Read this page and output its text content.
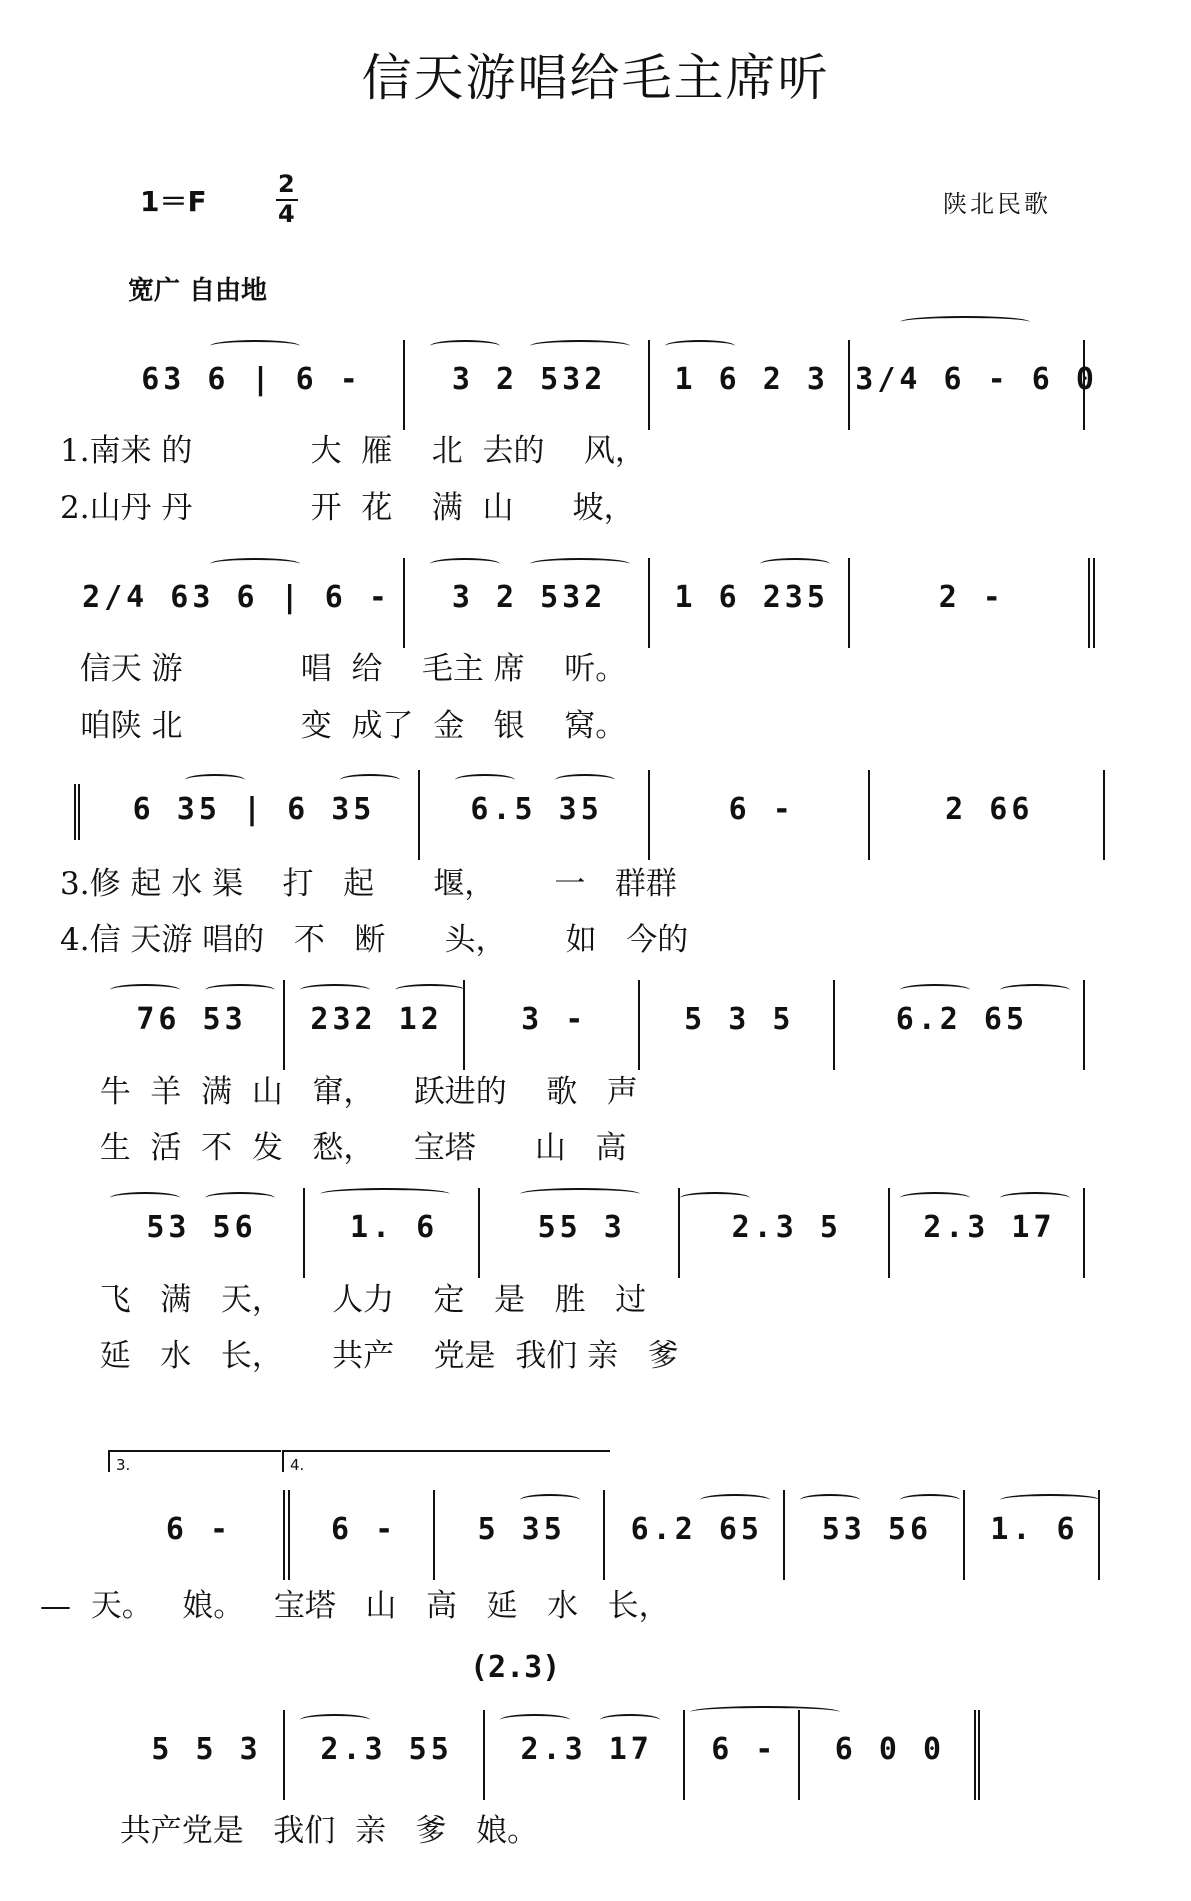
信天游唱给毛主席听
1＝F
2
4	陕北民歌
宽广 自由地
63 6 | 6 -
	3 2 532
	1 6 2 3
3/4 6 - 6 0
1.南来 的            大  雁    北  去的    风，
2.山丹 丹            开  花    满  山      坡，
2/4 63 6 | 6 -
	3 2 532
	1 6 235
	2 -
信天 游            唱  给    毛主 席    听。
咱陕 北            变  成了  金   银    窝。
6 35 | 6 35
	6.5 35
	6 -
	2 66
3.修 起 水 渠    打   起      堰，      一   群群
4.信 天游 唱的   不   断      头，      如   今的
76 53
	232 12
	3 -
	5 3 5
	6.2 65
牛  羊  满  山   窜，    跃进的    歌   声
生  活  不  发   愁，    宝塔      山   高
53 56
	1. 6
	55 3
	2.3 5
	2.3 17
飞   满   天，     人力    定   是   胜   过
延   水   长，     共产    党是  我们 亲   爹
3.	4.
6 -
	6 -
	5 35
	6.2 65
	53 56
	1. 6
—  天。   娘。   宝塔   山   高   延   水   长，
(2.3)
5 5 3
	2.3 55
	2.3 17
	6 -
	6 0 0
共产党是   我们  亲   爹   娘。
